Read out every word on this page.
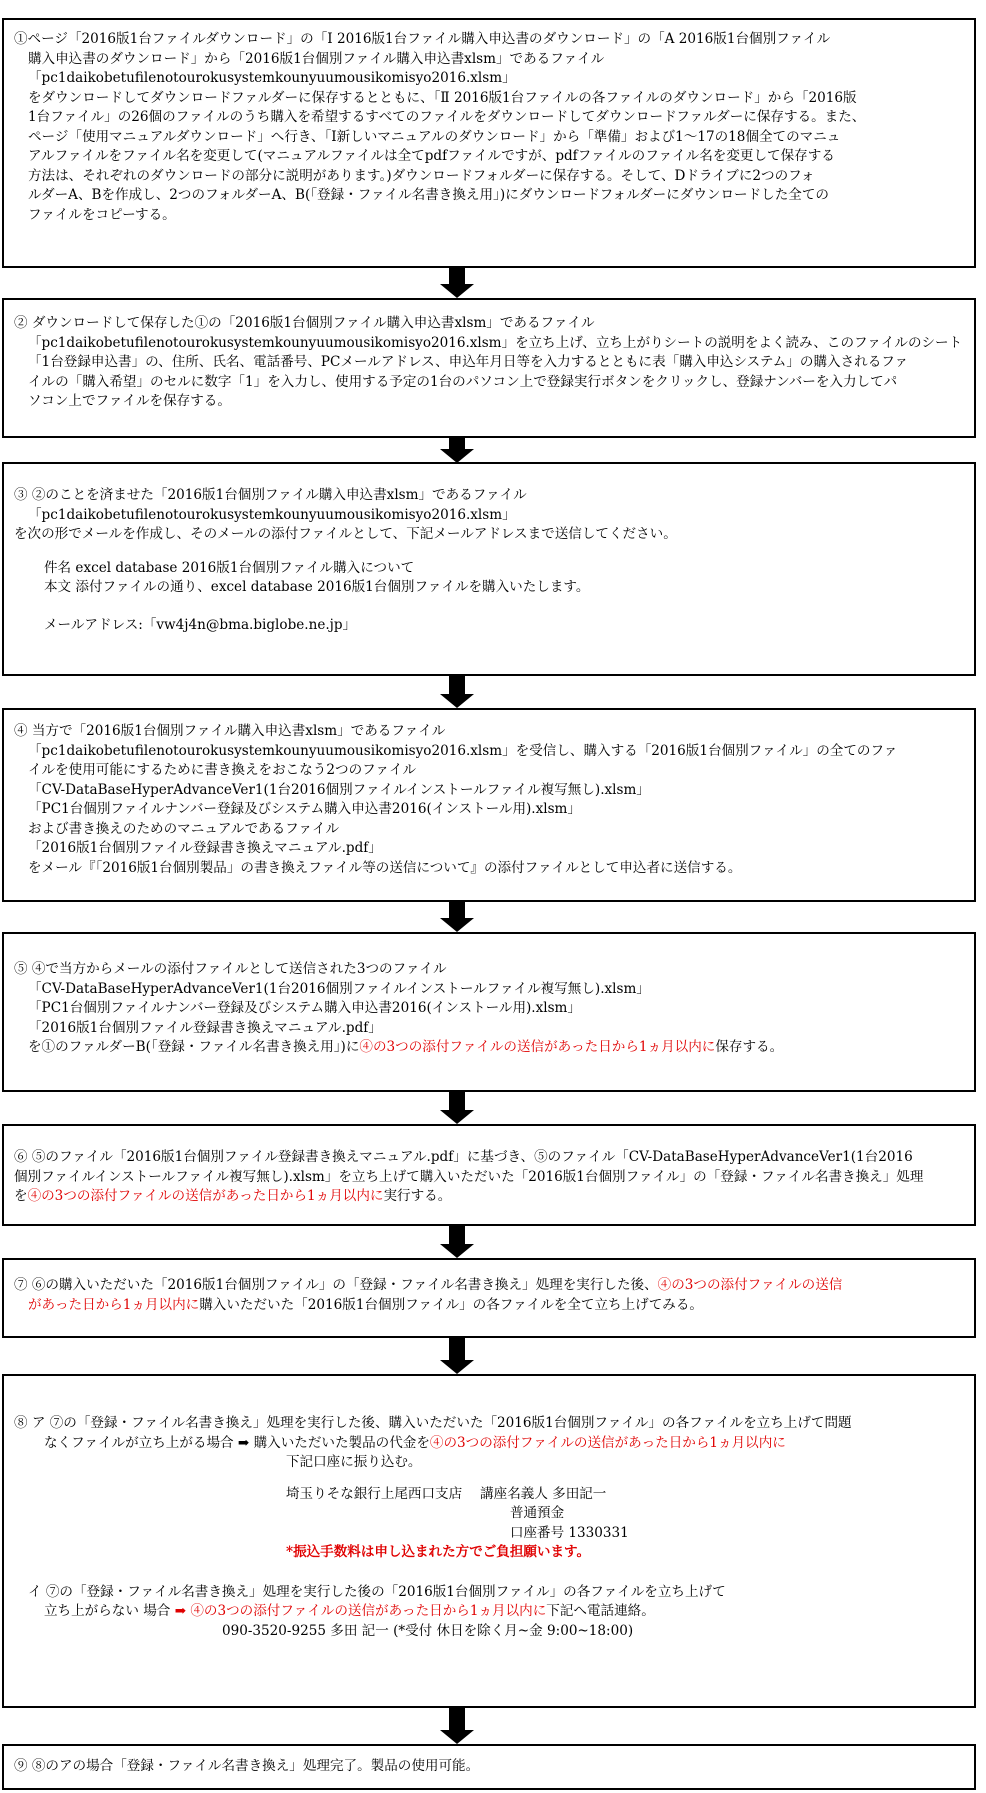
①ページ「2016版1台ファイルダウンロード」の「Ⅰ 2016版1台ファイル購入申込書のダウンロード」の「A 2016版1台個別ファイル

購入申込書のダウンロード」から「2016版1台個別ファイル購入申込書xlsm」であるファイル

「pc1daikobetufilenotourokusystemkounyuumousikomisyo2016.xlsm」

をダウンロードしてダウンロードファルダーに保存するとともに、「Ⅱ 2016版1台ファイルの各ファイルのダウンロード」から「2016版

1台ファイル」の26個のファイルのうち購入を希望するすべてのファイルをダウンロードしてダウンロードファルダーに保存する。また、

ページ「使用マニュアルダウンロード」へ行き、「Ⅰ新しいマニュアルのダウンロード」から「準備」および1～17の18個全てのマニュ

アルファイルをファイル名を変更して(マニュアルファイルは全てpdfファイルですが、pdfファイルのファイル名を変更して保存する

方法は、それぞれのダウンロードの部分に説明があります。)ダウンロードフォルダーに保存する。そして、Dドライブに2つのフォ

ルダーA、Bを作成し、2つのフォルダーA、B(「登録・ファイル名書き換え用」)にダウンロードフォルダーにダウンロードした全ての

ファイルをコピーする。

② ダウンロードして保存した①の「2016版1台個別ファイル購入申込書xlsm」であるファイル

「pc1daikobetufilenotourokusystemkounyuumousikomisyo2016.xlsm」を立ち上げ、立ち上がりシートの説明をよく読み、このファイルのシート

「1台登録申込書」の、住所、氏名、電話番号、PCメールアドレス、申込年月日等を入力するとともに表「購入申込システム」の購入されるファ

イルの「購入希望」のセルに数字「1」を入力し、使用する予定の1台のパソコン上で登録実行ボタンをクリックし、登録ナンバーを入力してパ

ソコン上でファイルを保存する。

③ ②のことを済ませた「2016版1台個別ファイル購入申込書xlsm」であるファイル

「pc1daikobetufilenotourokusystemkounyuumousikomisyo2016.xlsm」

を次の形でメールを作成し、そのメールの添付ファイルとして、下記メールアドレスまで送信してください。

件名 excel database 2016版1台個別ファイル購入について

本文 添付ファイルの通り、excel database 2016版1台個別ファイルを購入いたします。

メールアドレス:「vw4j4n@bma.biglobe.ne.jp」

④ 当方で「2016版1台個別ファイル購入申込書xlsm」であるファイル

「pc1daikobetufilenotourokusystemkounyuumousikomisyo2016.xlsm」を受信し、購入する「2016版1台個別ファイル」の全てのファ

イルを使用可能にするために書き換えをおこなう2つのファイル

「CV-DataBaseHyperAdvanceVer1(1台2016個別ファイルインストールファイル複写無し).xlsm」

「PC1台個別ファイルナンバー登録及びシステム購入申込書2016(インストール用).xlsm」

および書き換えのためのマニュアルであるファイル

「2016版1台個別ファイル登録書き換えマニュアル.pdf」

をメール『「2016版1台個別製品」の書き換えファイル等の送信について』の添付ファイルとして申込者に送信する。

⑤ ④で当方からメールの添付ファイルとして送信された3つのファイル

「CV-DataBaseHyperAdvanceVer1(1台2016個別ファイルインストールファイル複写無し).xlsm」

「PC1台個別ファイルナンバー登録及びシステム購入申込書2016(インストール用).xlsm」

「2016版1台個別ファイル登録書き換えマニュアル.pdf」

を①のファルダーB(「登録・ファイル名書き換え用」)に④の3つの添付ファイルの送信があった日から1ヵ月以内に保存する。

⑥ ⑤のファイル「2016版1台個別ファイル登録書き換えマニュアル.pdf」に基づき、⑤のファイル「CV-DataBaseHyperAdvanceVer1(1台2016

個別ファイルインストールファイル複写無し).xlsm」を立ち上げて購入いただいた「2016版1台個別ファイル」の「登録・ファイル名書き換え」処理

を④の3つの添付ファイルの送信があった日から1ヵ月以内に実行する。

⑦ ⑥の購入いただいた「2016版1台個別ファイル」の「登録・ファイル名書き換え」処理を実行した後、④の3つの添付ファイルの送信

があった日から1ヵ月以内に購入いただいた「2016版1台個別ファイル」の各ファイルを全て立ち上げてみる。

⑧ ア ⑦の「登録・ファイル名書き換え」処理を実行した後、購入いただいた「2016版1台個別ファイル」の各ファイルを立ち上げて問題

なくファイルが立ち上がる場合 ➡ 購入いただいた製品の代金を④の3つの添付ファイルの送信があった日から1ヵ月以内に

下記口座に振り込む。

埼玉りそな銀行上尾西口支店 講座名義人 多田記一

普通預金

口座番号 1330331

*振込手数料は申し込まれた方でご負担願います。

イ ⑦の「登録・ファイル名書き換え」処理を実行した後の「2016版1台個別ファイル」の各ファイルを立ち上げて

立ち上がらない 場合 ➡ ④の3つの添付ファイルの送信があった日から1ヵ月以内に下記へ電話連絡。

090-3520-9255 多田 記一 (*受付 休日を除く月~金 9:00~18:00)

⑨ ⑧のアの場合「登録・ファイル名書き換え」処理完了。製品の使用可能。
